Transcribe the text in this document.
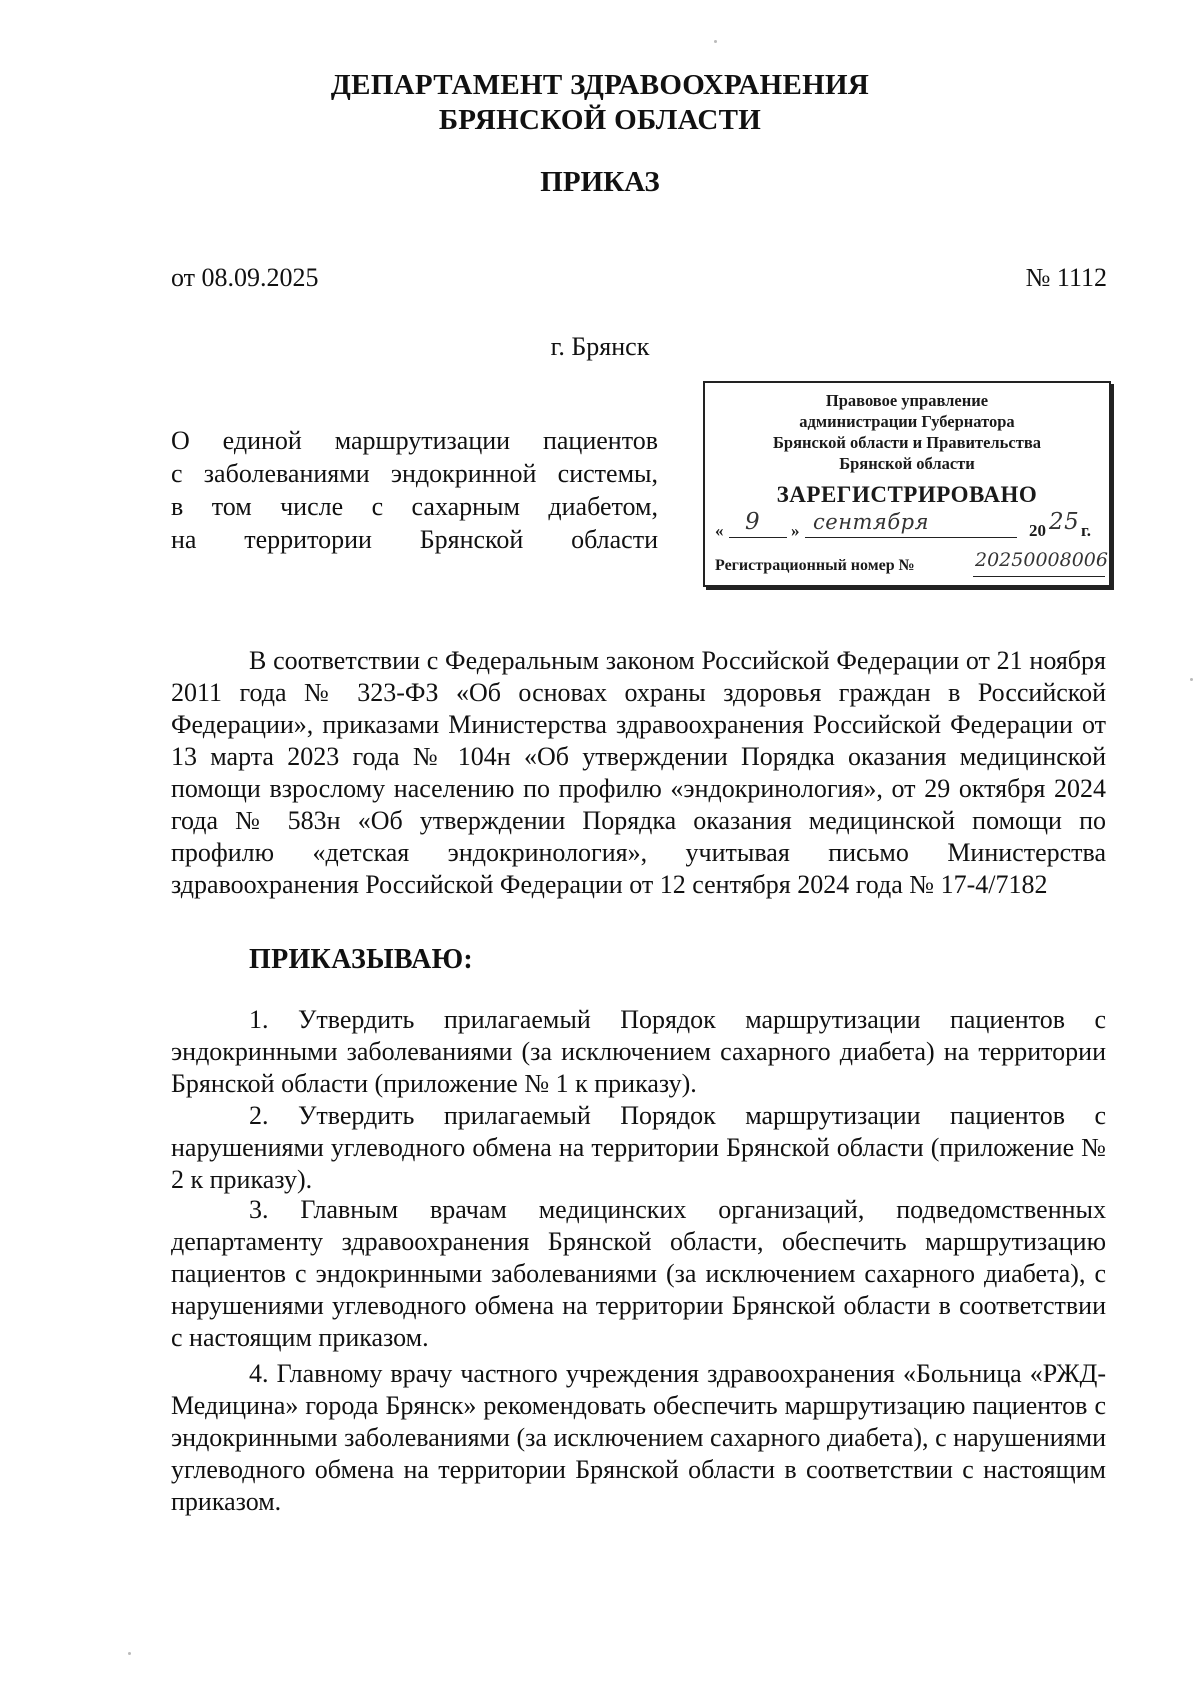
ДЕПАРТАМЕНТ ЗДРАВООХРАНЕНИЯ
БРЯНСКОЙ ОБЛАСТИ
ПРИКАЗ
от 08.09.2025	№ 1112
г. Брянск
О единой маршрутизации пациентов
с заболеваниями эндокринной системы,
в том числе с сахарным диабетом,
на территории Брянской области
Правовое управление
администрации Губернатора
Брянской области и Правительства
Брянской области
ЗАРЕГИСТРИРОВАНО
« 9 » сентября	20 25 г.
Регистрационный номер №	20250008006
В соответствии с Федеральным законом Российской Федерации от 21 ноября 2011 года № 323-ФЗ «Об основах охраны здоровья граждан в Российской Федерации», приказами Министерства здравоохранения Российской Федерации от 13 марта 2023 года № 104н «Об утверждении Порядка оказания медицинской помощи взрослому населению по профилю «эндокринология», от 29 октября 2024 года № 583н «Об утверждении Порядка оказания медицинской помощи по профилю «детская эндокринология», учитывая письмо Министерства здравоохранения Российской Федерации от 12 сентября 2024 года № 17-4/7182
ПРИКАЗЫВАЮ:
1. Утвердить прилагаемый Порядок маршрутизации пациентов с эндокринными заболеваниями (за исключением сахарного диабета) на территории Брянской области (приложение № 1 к приказу).
2. Утвердить прилагаемый Порядок маршрутизации пациентов с нарушениями углеводного обмена на территории Брянской области (приложение № 2 к приказу).
3. Главным врачам медицинских организаций, подведомственных департаменту здравоохранения Брянской области, обеспечить маршрутизацию пациентов с эндокринными заболеваниями (за исключением сахарного диабета), с нарушениями углеводного обмена на территории Брянской области в соответствии с настоящим приказом.
4. Главному врачу частного учреждения здравоохранения «Больница «РЖД-Медицина» города Брянск» рекомендовать обеспечить маршрутизацию пациентов с эндокринными заболеваниями (за исключением сахарного диабета), с нарушениями углеводного обмена на территории Брянской области в соответствии с настоящим приказом.
